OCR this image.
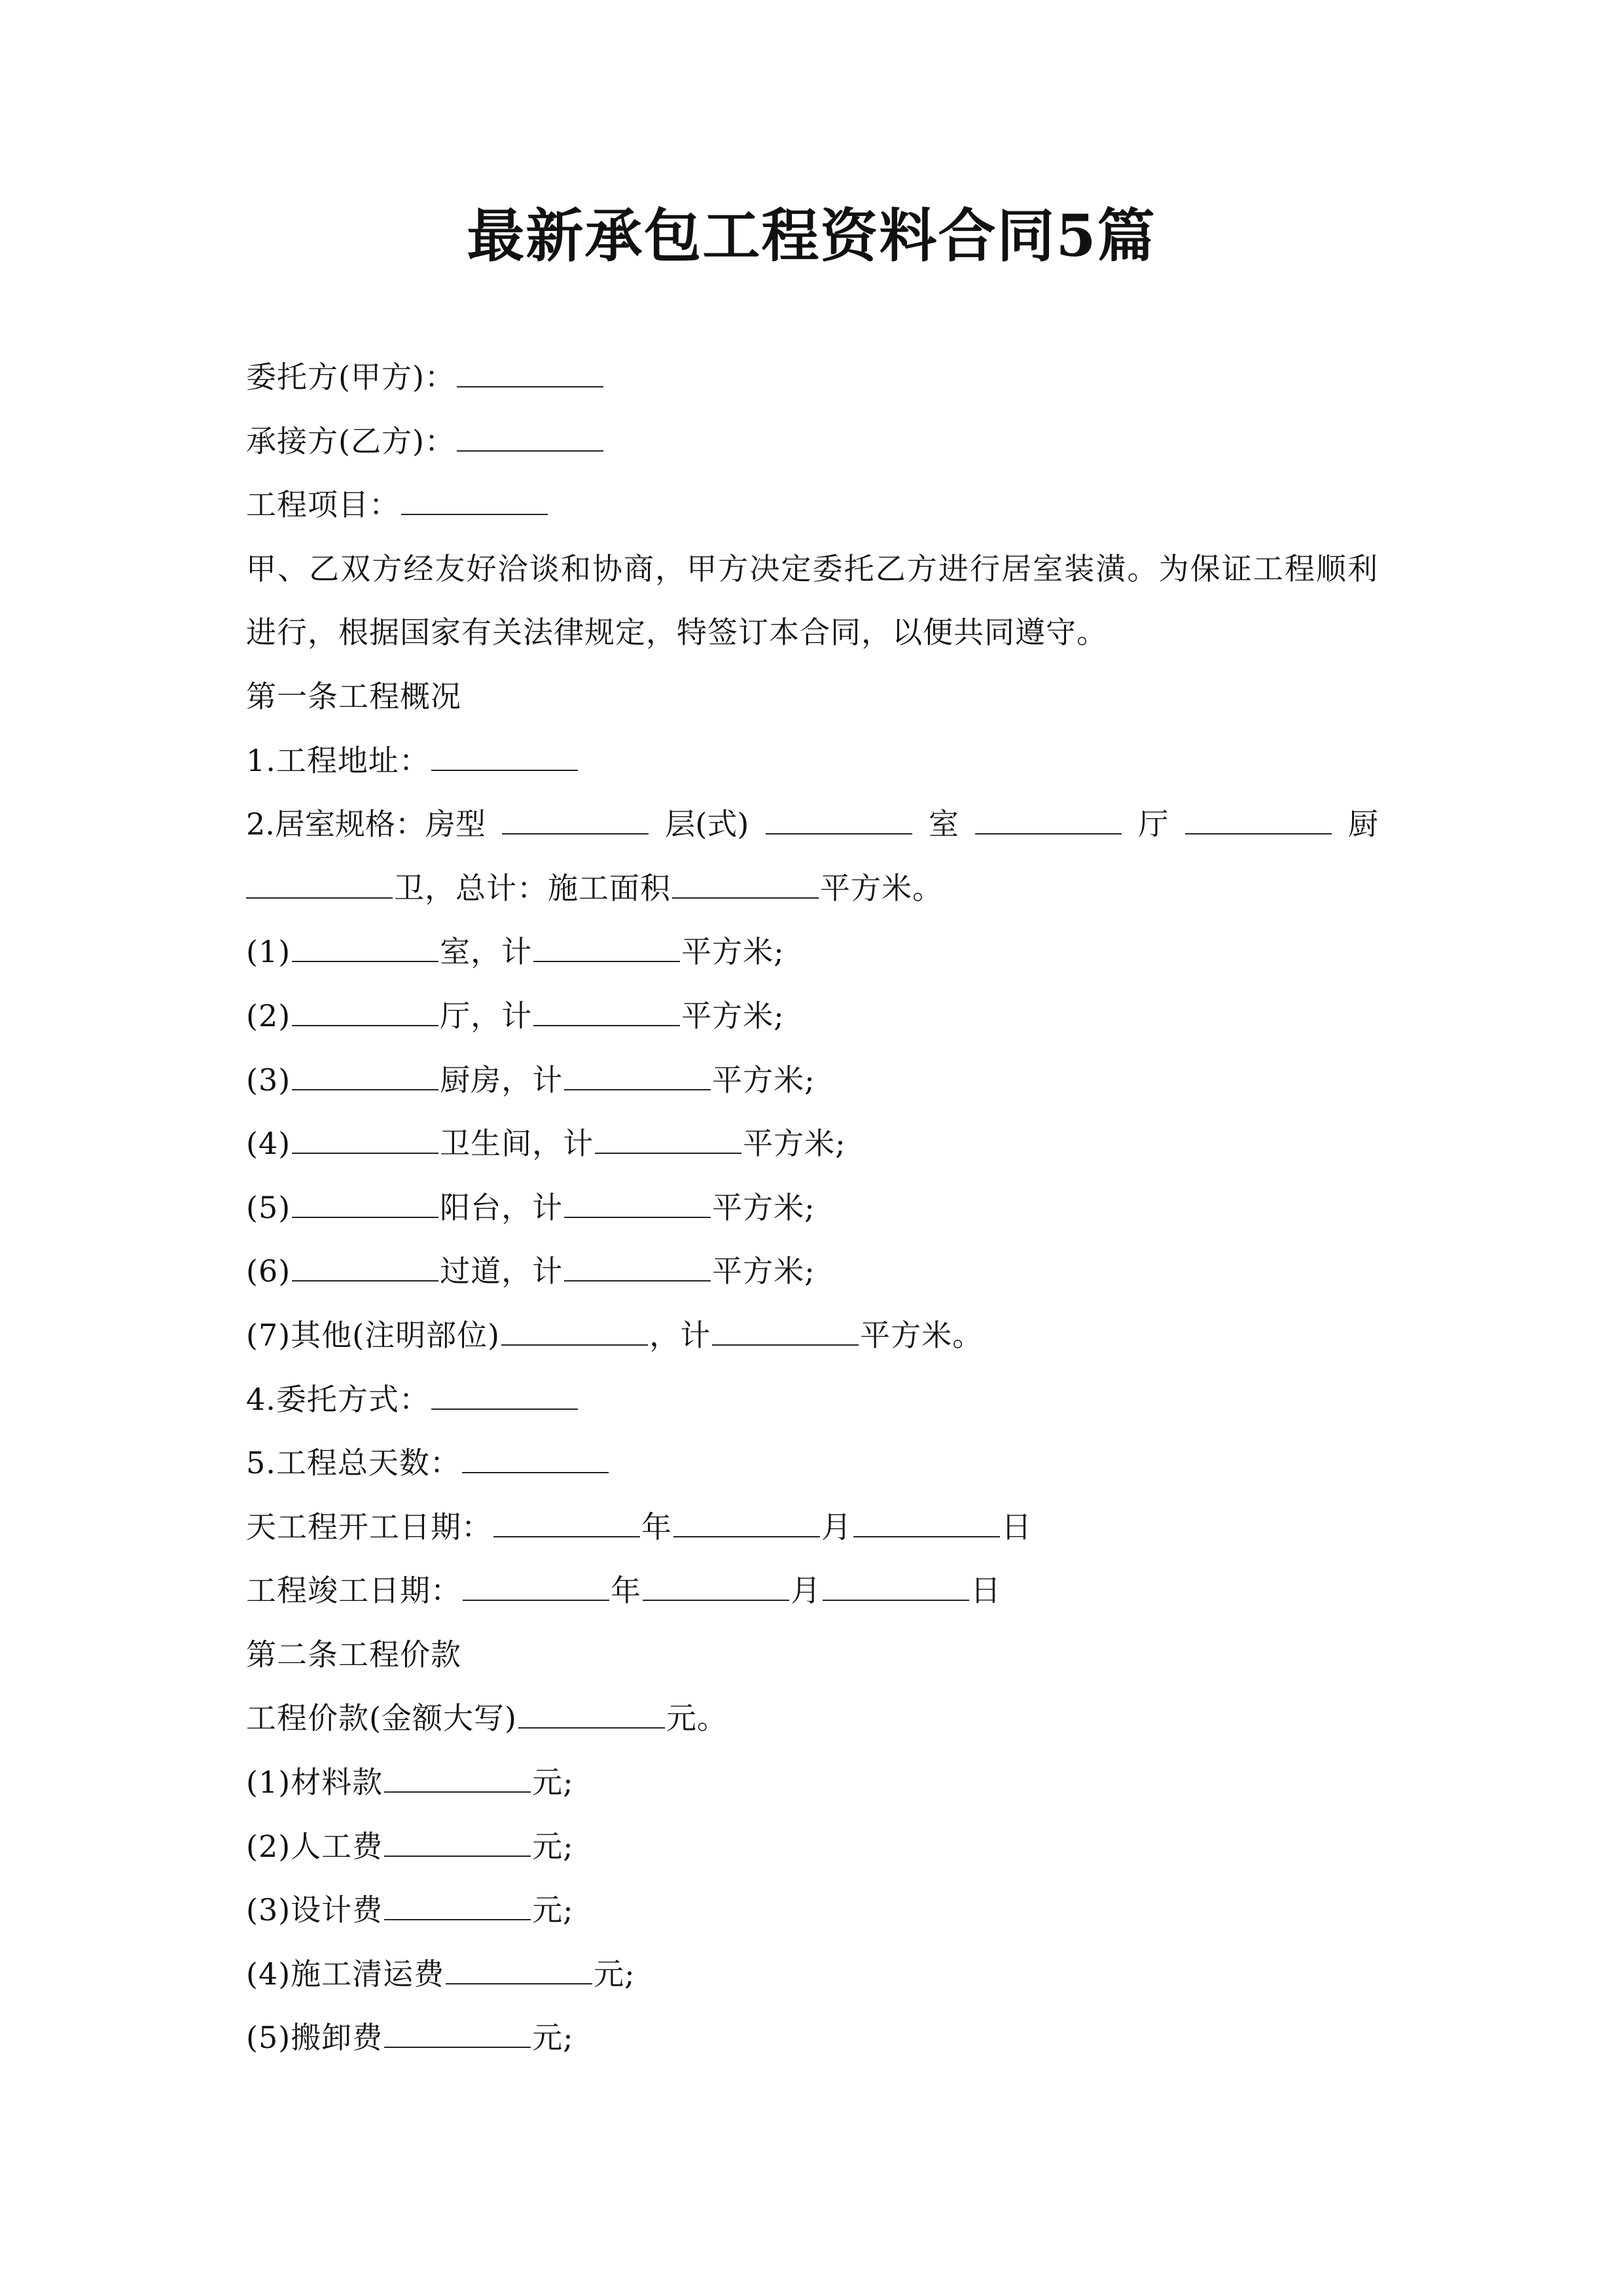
最新承包工程资料合同5篇
委托方(甲方)：
承接方(乙方)：
工程项目：
甲、乙双方经友好洽谈和协商，甲方决定委托乙方进行居室装潢。为保证工程顺利进行，根据国家有关法律规定，特签订本合同，以便共同遵守。
第一条工程概况
1.工程地址：
2.居室规格：房型	层(式)	室	厅	厨
卫，总计：施工面积	平方米。
(1)	室，计	平方米;
(2)	厅，计	平方米;
(3)	厨房，计	平方米;
(4)	卫生间，计	平方米;
(5)	阳台，计	平方米;
(6)	过道，计	平方米;
(7)其他(注明部位)	，计	平方米。
4.委托方式：
5.工程总天数：
天工程开工日期：	年	月	日
工程竣工日期：	年	月	日
第二条工程价款
工程价款(金额大写)	元。
(1)材料款	元;
(2)人工费	元;
(3)设计费	元;
(4)施工清运费	元;
(5)搬卸费	元;
